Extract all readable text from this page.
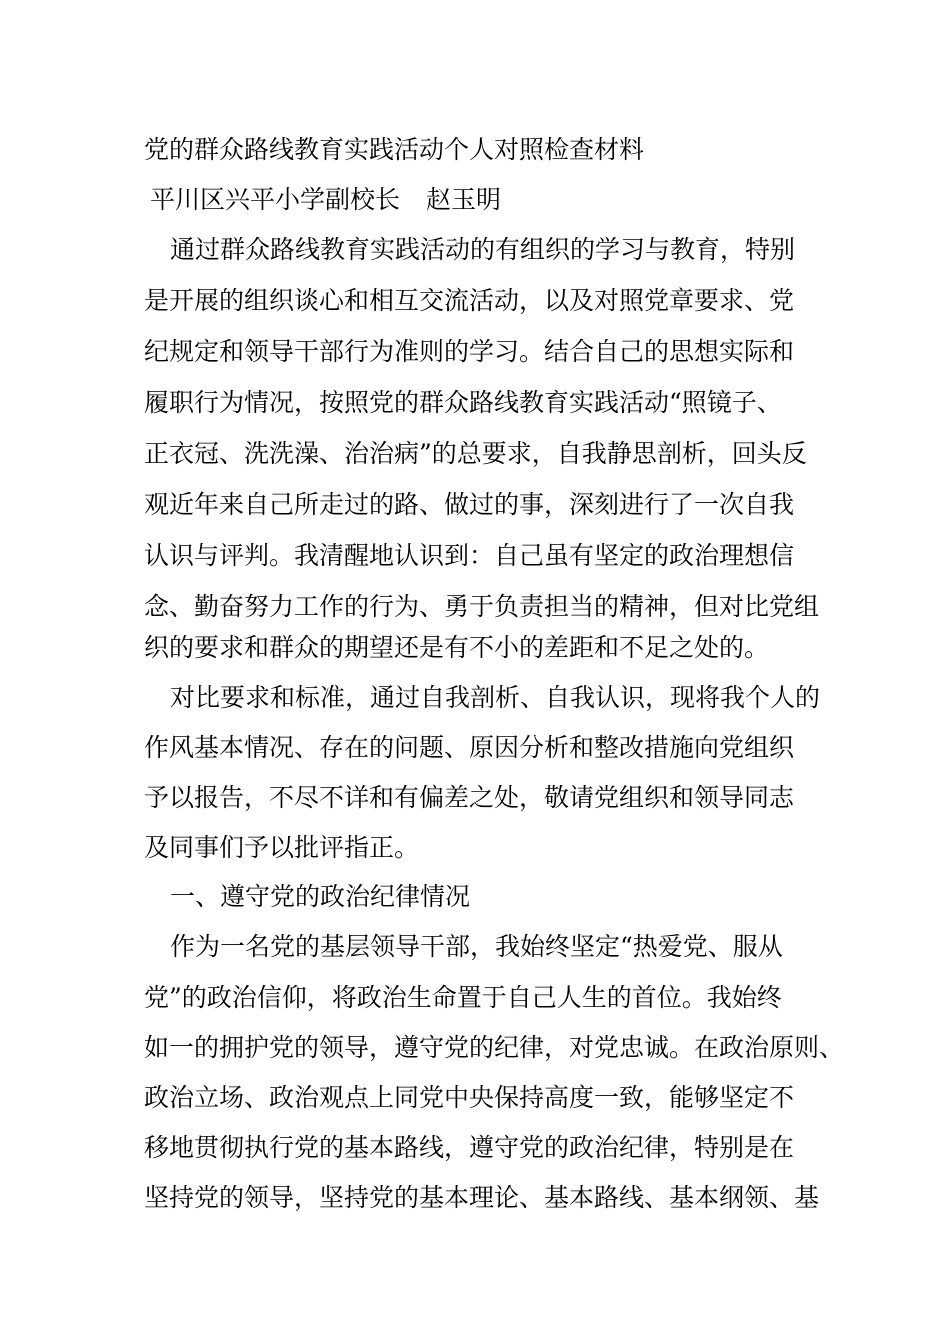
党的群众路线教育实践活动个人对照检查材料
平川区兴平小学副校长 赵玉明
通过群众路线教育实践活动的有组织的学习与教育，特别
是开展的组织谈心和相互交流活动，以及对照党章要求、党
纪规定和领导干部行为准则的学习。结合自己的思想实际和
履职行为情况，按照党的群众路线教育实践活动“照镜子、
正衣冠、洗洗澡、治治病”的总要求，自我静思剖析，回头反
观近年来自己所走过的路、做过的事，深刻进行了一次自我
认识与评判。我清醒地认识到：自己虽有坚定的政治理想信
念、勤奋努力工作的行为、勇于负责担当的精神，但对比党组
织的要求和群众的期望还是有不小的差距和不足之处的。
对比要求和标准，通过自我剖析、自我认识，现将我个人的
作风基本情况、存在的问题、原因分析和整改措施向党组织
予以报告，不尽不详和有偏差之处，敬请党组织和领导同志
及同事们予以批评指正。
一、遵守党的政治纪律情况
作为一名党的基层领导干部，我始终坚定“热爱党、服从
党”的政治信仰，将政治生命置于自己人生的首位。我始终
如一的拥护党的领导，遵守党的纪律，对党忠诚。在政治原则、
政治立场、政治观点上同党中央保持高度一致，能够坚定不
移地贯彻执行党的基本路线，遵守党的政治纪律，特别是在
坚持党的领导，坚持党的基本理论、基本路线、基本纲领、基
